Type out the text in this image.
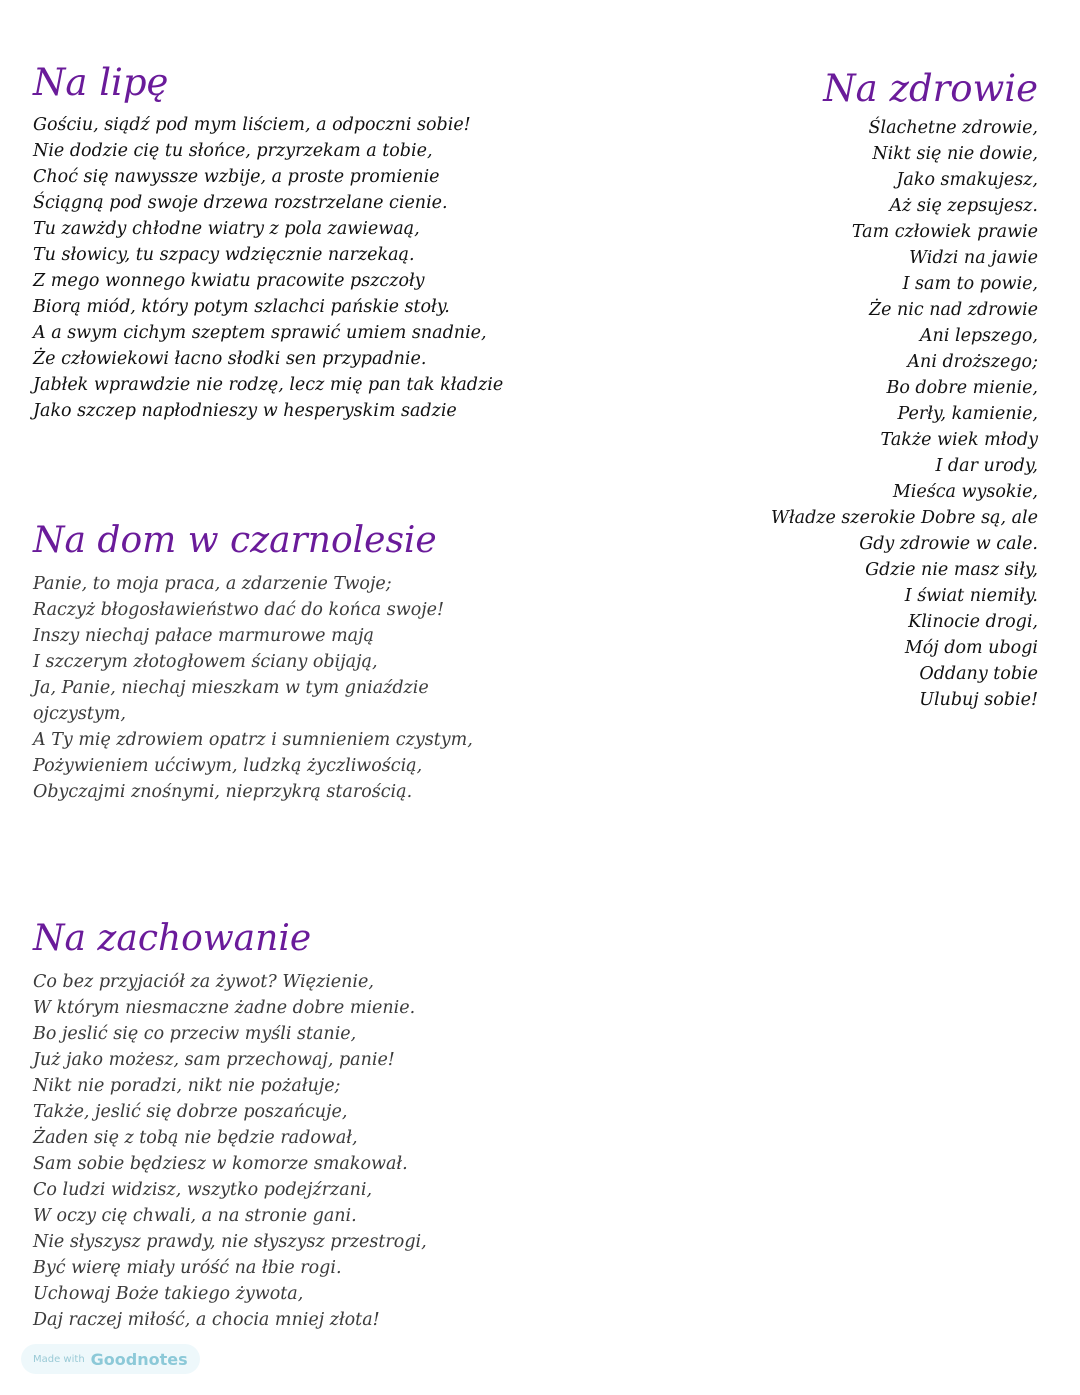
Na lipę
Gościu, siądź pod mym liściem, a odpoczni sobie!
Nie dodzie cię tu słońce, przyrzekam a tobie,
Choć się nawyssze wzbije, a proste promienie
Ściągną pod swoje drzewa rozstrzelane cienie.
Tu zawżdy chłodne wiatry z pola zawiewaą,
Tu słowicy, tu szpacy wdzięcznie narzekaą.
Z mego wonnego kwiatu pracowite pszczoły
Biorą miód, który potym szlachci pańskie stoły.
A a swym cichym szeptem sprawić umiem snadnie,
Że człowiekowi łacno słodki sen przypadnie.
Jabłek wprawdzie nie rodzę, lecz mię pan tak kładzie
Jako szczep napłodnieszy w hesperyskim sadzie
Na dom w czarnolesie
Panie, to moja praca, a zdarzenie Twoje;
Raczyż błogosławieństwo dać do końca swoje!
Inszy niechaj pałace marmurowe mają
I szczerym złotogłowem ściany obijają,
Ja, Panie, niechaj mieszkam w tym gniaździe
ojczystym,
A Ty mię zdrowiem opatrz i sumnieniem czystym,
Pożywieniem ućciwym, ludzką życzliwością,
Obyczajmi znośnymi, nieprzykrą starością.
Na zachowanie
Co bez przyjaciół za żywot? Więzienie,
W którym niesmaczne żadne dobre mienie.
Bo jeslić się co przeciw myśli stanie,
Już jako możesz, sam przechowaj, panie!
Nikt nie poradzi, nikt nie pożałuje;
Także, jeslić się dobrze poszańcuje,
Żaden się z tobą nie będzie radował,
Sam sobie będziesz w komorze smakował.
Co ludzi widzisz, wszytko podejźrzani,
W oczy cię chwali, a na stronie gani.
Nie słyszysz prawdy, nie słyszysz przestrogi,
Być wierę miały uróść na łbie rogi.
Uchowaj Boże takiego żywota,
Daj raczej miłość, a chocia mniej złota!
Na zdrowie
Ślachetne zdrowie,
Nikt się nie dowie,
Jako smakujesz,
Aż się zepsujesz.
Tam człowiek prawie
Widzi na jawie
I sam to powie,
Że nic nad zdrowie
Ani lepszego,
Ani droższego;
Bo dobre mienie,
Perły, kamienie,
Także wiek młody
I dar urody,
Mieśca wysokie,
Władze szerokie Dobre są, ale
Gdy zdrowie w cale.
Gdzie nie masz siły,
I świat niemiły.
Klinocie drogi,
Mój dom ubogi
Oddany tobie
Ulubuj sobie!
Made with Goodnotes
